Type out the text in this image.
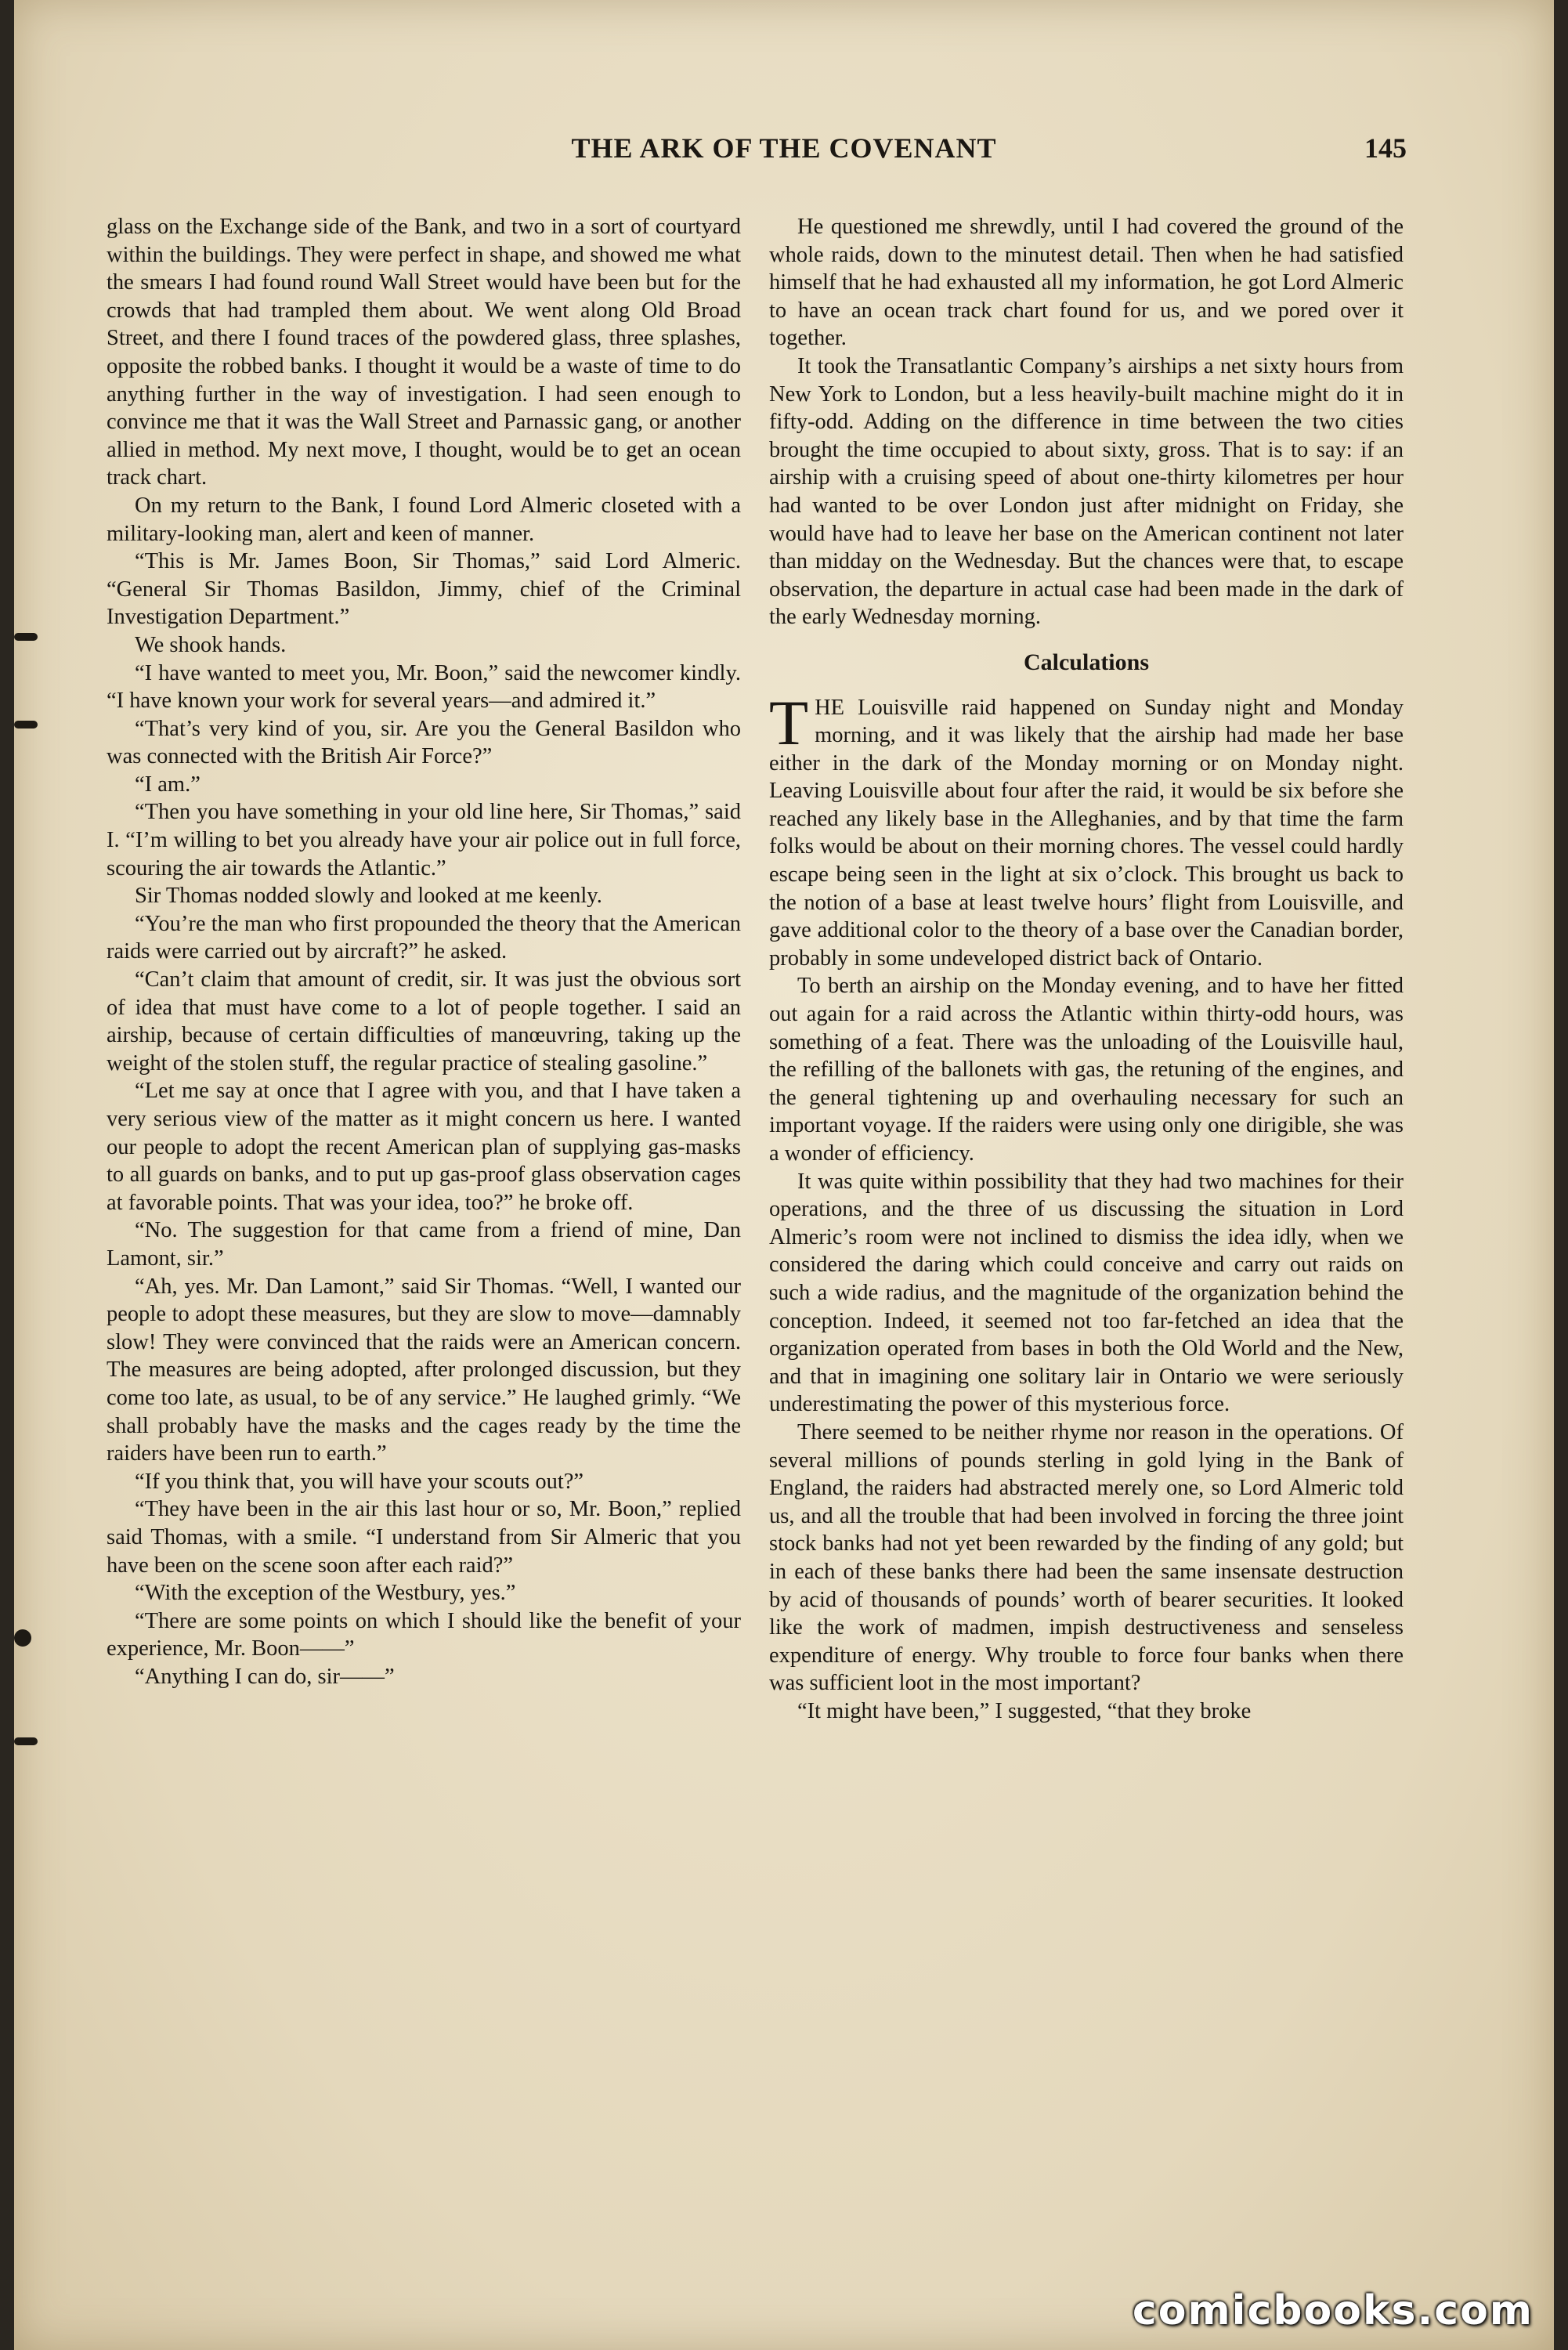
THE ARK OF THE COVENANT	145

glass on the Exchange side of the Bank, and two in a sort of courtyard within the buildings. They were perfect in shape, and showed me what the smears I had found round Wall Street would have been but for the crowds that had trampled them about. We went along Old Broad Street, and there I found traces of the powdered glass, three splashes, opposite the robbed banks. I thought it would be a waste of time to do anything further in the way of investigation. I had seen enough to convince me that it was the Wall Street and Parnassic gang, or another allied in method. My next move, I thought, would be to get an ocean track chart.

On my return to the Bank, I found Lord Almeric closeted with a military-looking man, alert and keen of manner.

“This is Mr. James Boon, Sir Thomas,” said Lord Almeric. “General Sir Thomas Basildon, Jimmy, chief of the Criminal Investigation Department.”

We shook hands.

“I have wanted to meet you, Mr. Boon,” said the newcomer kindly. “I have known your work for several years—and admired it.”

“That’s very kind of you, sir. Are you the General Basildon who was connected with the British Air Force?”

“I am.”

“Then you have something in your old line here, Sir Thomas,” said I. “I’m willing to bet you already have your air police out in full force, scouring the air towards the Atlantic.”

Sir Thomas nodded slowly and looked at me keenly.

“You’re the man who first propounded the theory that the American raids were carried out by aircraft?” he asked.

“Can’t claim that amount of credit, sir. It was just the obvious sort of idea that must have come to a lot of people together. I said an airship, because of certain difficulties of manœuvring, taking up the weight of the stolen stuff, the regular practice of stealing gasoline.”

“Let me say at once that I agree with you, and that I have taken a very serious view of the matter as it might concern us here. I wanted our people to adopt the recent American plan of supplying gas-masks to all guards on banks, and to put up gas-proof glass observation cages at favorable points. That was your idea, too?” he broke off.

“No. The suggestion for that came from a friend of mine, Dan Lamont, sir.”

“Ah, yes. Mr. Dan Lamont,” said Sir Thomas. “Well, I wanted our people to adopt these measures, but they are slow to move—damnably slow! They were convinced that the raids were an American concern. The measures are being adopted, after prolonged discussion, but they come too late, as usual, to be of any service.” He laughed grimly. “We shall probably have the masks and the cages ready by the time the raiders have been run to earth.”

“If you think that, you will have your scouts out?”

“They have been in the air this last hour or so, Mr. Boon,” replied said Thomas, with a smile. “I understand from Sir Almeric that you have been on the scene soon after each raid?”

“With the exception of the Westbury, yes.”

“There are some points on which I should like the benefit of your experience, Mr. Boon——”

“Anything I can do, sir——”

He questioned me shrewdly, until I had covered the ground of the whole raids, down to the minutest detail. Then when he had satisfied himself that he had exhausted all my information, he got Lord Almeric to have an ocean track chart found for us, and we pored over it together.

It took the Transatlantic Company’s airships a net sixty hours from New York to London, but a less heavily-built machine might do it in fifty-odd. Adding on the difference in time between the two cities brought the time occupied to about sixty, gross. That is to say: if an airship with a cruising speed of about one-thirty kilometres per hour had wanted to be over London just after midnight on Friday, she would have had to leave her base on the American continent not later than midday on the Wednesday. But the chances were that, to escape observation, the departure in actual case had been made in the dark of the early Wednesday morning.

Calculations

THE Louisville raid happened on Sunday night and Monday morning, and it was likely that the airship had made her base either in the dark of the Monday morning or on Monday night. Leaving Louisville about four after the raid, it would be six before she reached any likely base in the Alleghanies, and by that time the farm folks would be about on their morning chores. The vessel could hardly escape being seen in the light at six o’clock. This brought us back to the notion of a base at least twelve hours’ flight from Louisville, and gave additional color to the theory of a base over the Canadian border, probably in some undeveloped district back of Ontario.

To berth an airship on the Monday evening, and to have her fitted out again for a raid across the Atlantic within thirty-odd hours, was something of a feat. There was the unloading of the Louisville haul, the refilling of the ballonets with gas, the retuning of the engines, and the general tightening up and overhauling necessary for such an important voyage. If the raiders were using only one dirigible, she was a wonder of efficiency.

It was quite within possibility that they had two machines for their operations, and the three of us discussing the situation in Lord Almeric’s room were not inclined to dismiss the idea idly, when we considered the daring which could conceive and carry out raids on such a wide radius, and the magnitude of the organization behind the conception. Indeed, it seemed not too far-fetched an idea that the organization operated from bases in both the Old World and the New, and that in imagining one solitary lair in Ontario we were seriously underestimating the power of this mysterious force.

There seemed to be neither rhyme nor reason in the operations. Of several millions of pounds sterling in gold lying in the Bank of England, the raiders had abstracted merely one, so Lord Almeric told us, and all the trouble that had been involved in forcing the three joint stock banks had not yet been rewarded by the finding of any gold; but in each of these banks there had been the same insensate destruction by acid of thousands of pounds’ worth of bearer securities. It looked like the work of madmen, impish destructiveness and senseless expenditure of energy. Why trouble to force four banks when there was sufficient loot in the most important?

“It might have been,” I suggested, “that they broke

comicbooks.com
